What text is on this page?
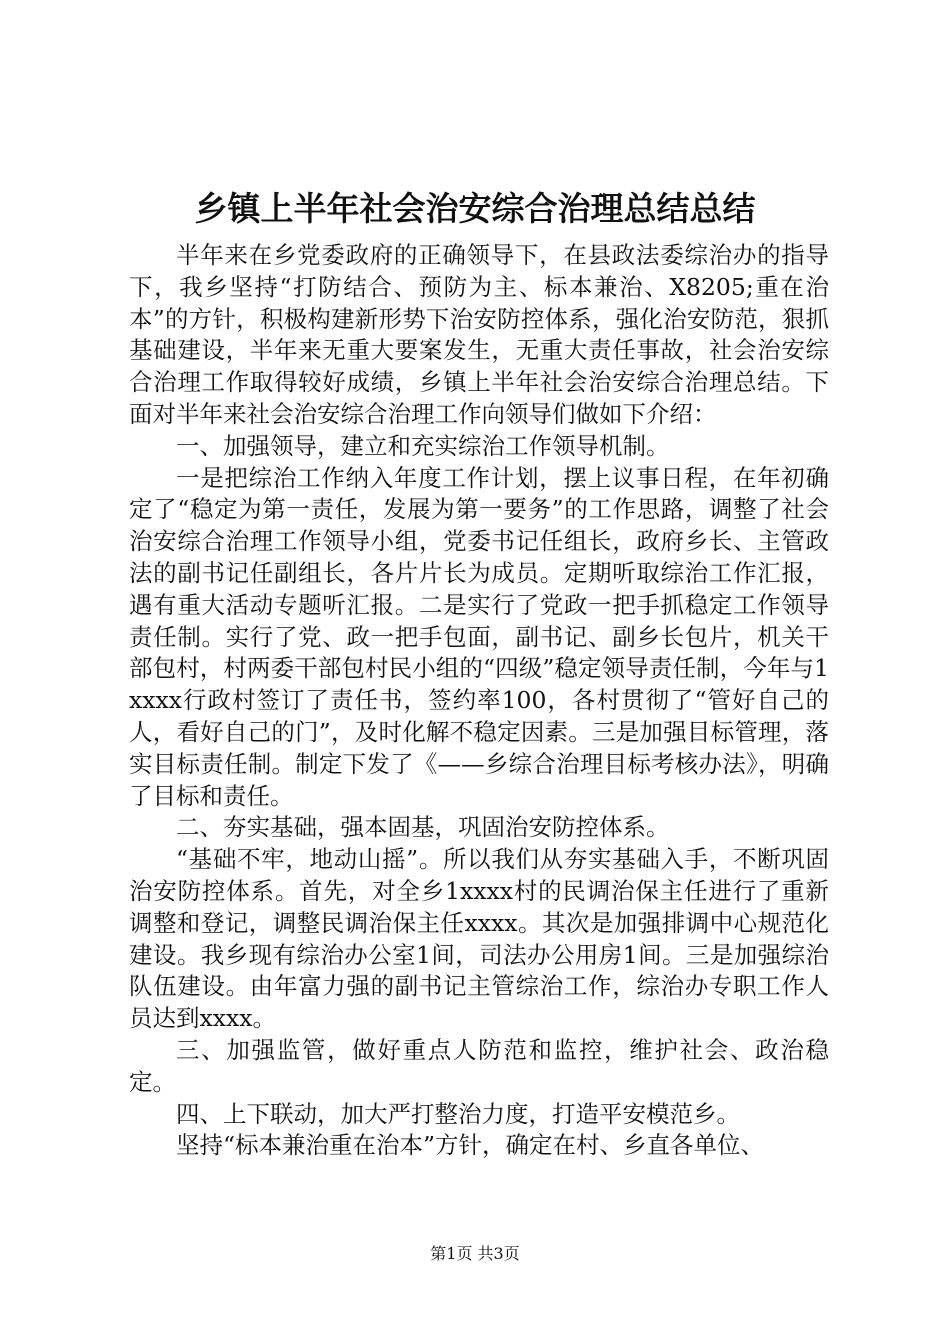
乡镇上半年社会治安综合治理总结总结

半年来在乡党委政府的正确领导下，在县政法委综治办的指导下，我乡坚持“打防结合、预防为主、标本兼治、X8205;重在治本”的方针，积极构建新形势下治安防控体系，强化治安防范，狠抓基础建设，半年来无重大要案发生，无重大责任事故，社会治安综合治理工作取得较好成绩，乡镇上半年社会治安综合治理总结。下面对半年来社会治安综合治理工作向领导们做如下介绍：

一、加强领导，建立和充实综治工作领导机制。

一是把综治工作纳入年度工作计划，摆上议事日程，在年初确定了“稳定为第一责任，发展为第一要务”的工作思路，调整了社会治安综合治理工作领导小组，党委书记任组长，政府乡长、主管政法的副书记任副组长，各片片长为成员。定期听取综治工作汇报，遇有重大活动专题听汇报。二是实行了党政一把手抓稳定工作领导责任制。实行了党、政一把手包面，副书记、副乡长包片，机关干部包村，村两委干部包村民小组的“四级”稳定领导责任制，今年与1xxxx行政村签订了责任书，签约率100，各村贯彻了“管好自己的人，看好自己的门”，及时化解不稳定因素。三是加强目标管理，落实目标责任制。制定下发了《——乡综合治理目标考核办法》，明确了目标和责任。

二、夯实基础，强本固基，巩固治安防控体系。

“基础不牢，地动山摇”。所以我们从夯实基础入手，不断巩固治安防控体系。首先，对全乡1xxxx村的民调治保主任进行了重新调整和登记，调整民调治保主任xxxx。其次是加强排调中心规范化建设。我乡现有综治办公室1间，司法办公用房1间。三是加强综治队伍建设。由年富力强的副书记主管综治工作，综治办专职工作人员达到xxxx。

三、加强监管，做好重点人防范和监控，维护社会、政治稳定。

四、上下联动，加大严打整治力度，打造平安模范乡。

坚持“标本兼治重在治本”方针，确定在村、乡直各单位、

第1页 共3页
